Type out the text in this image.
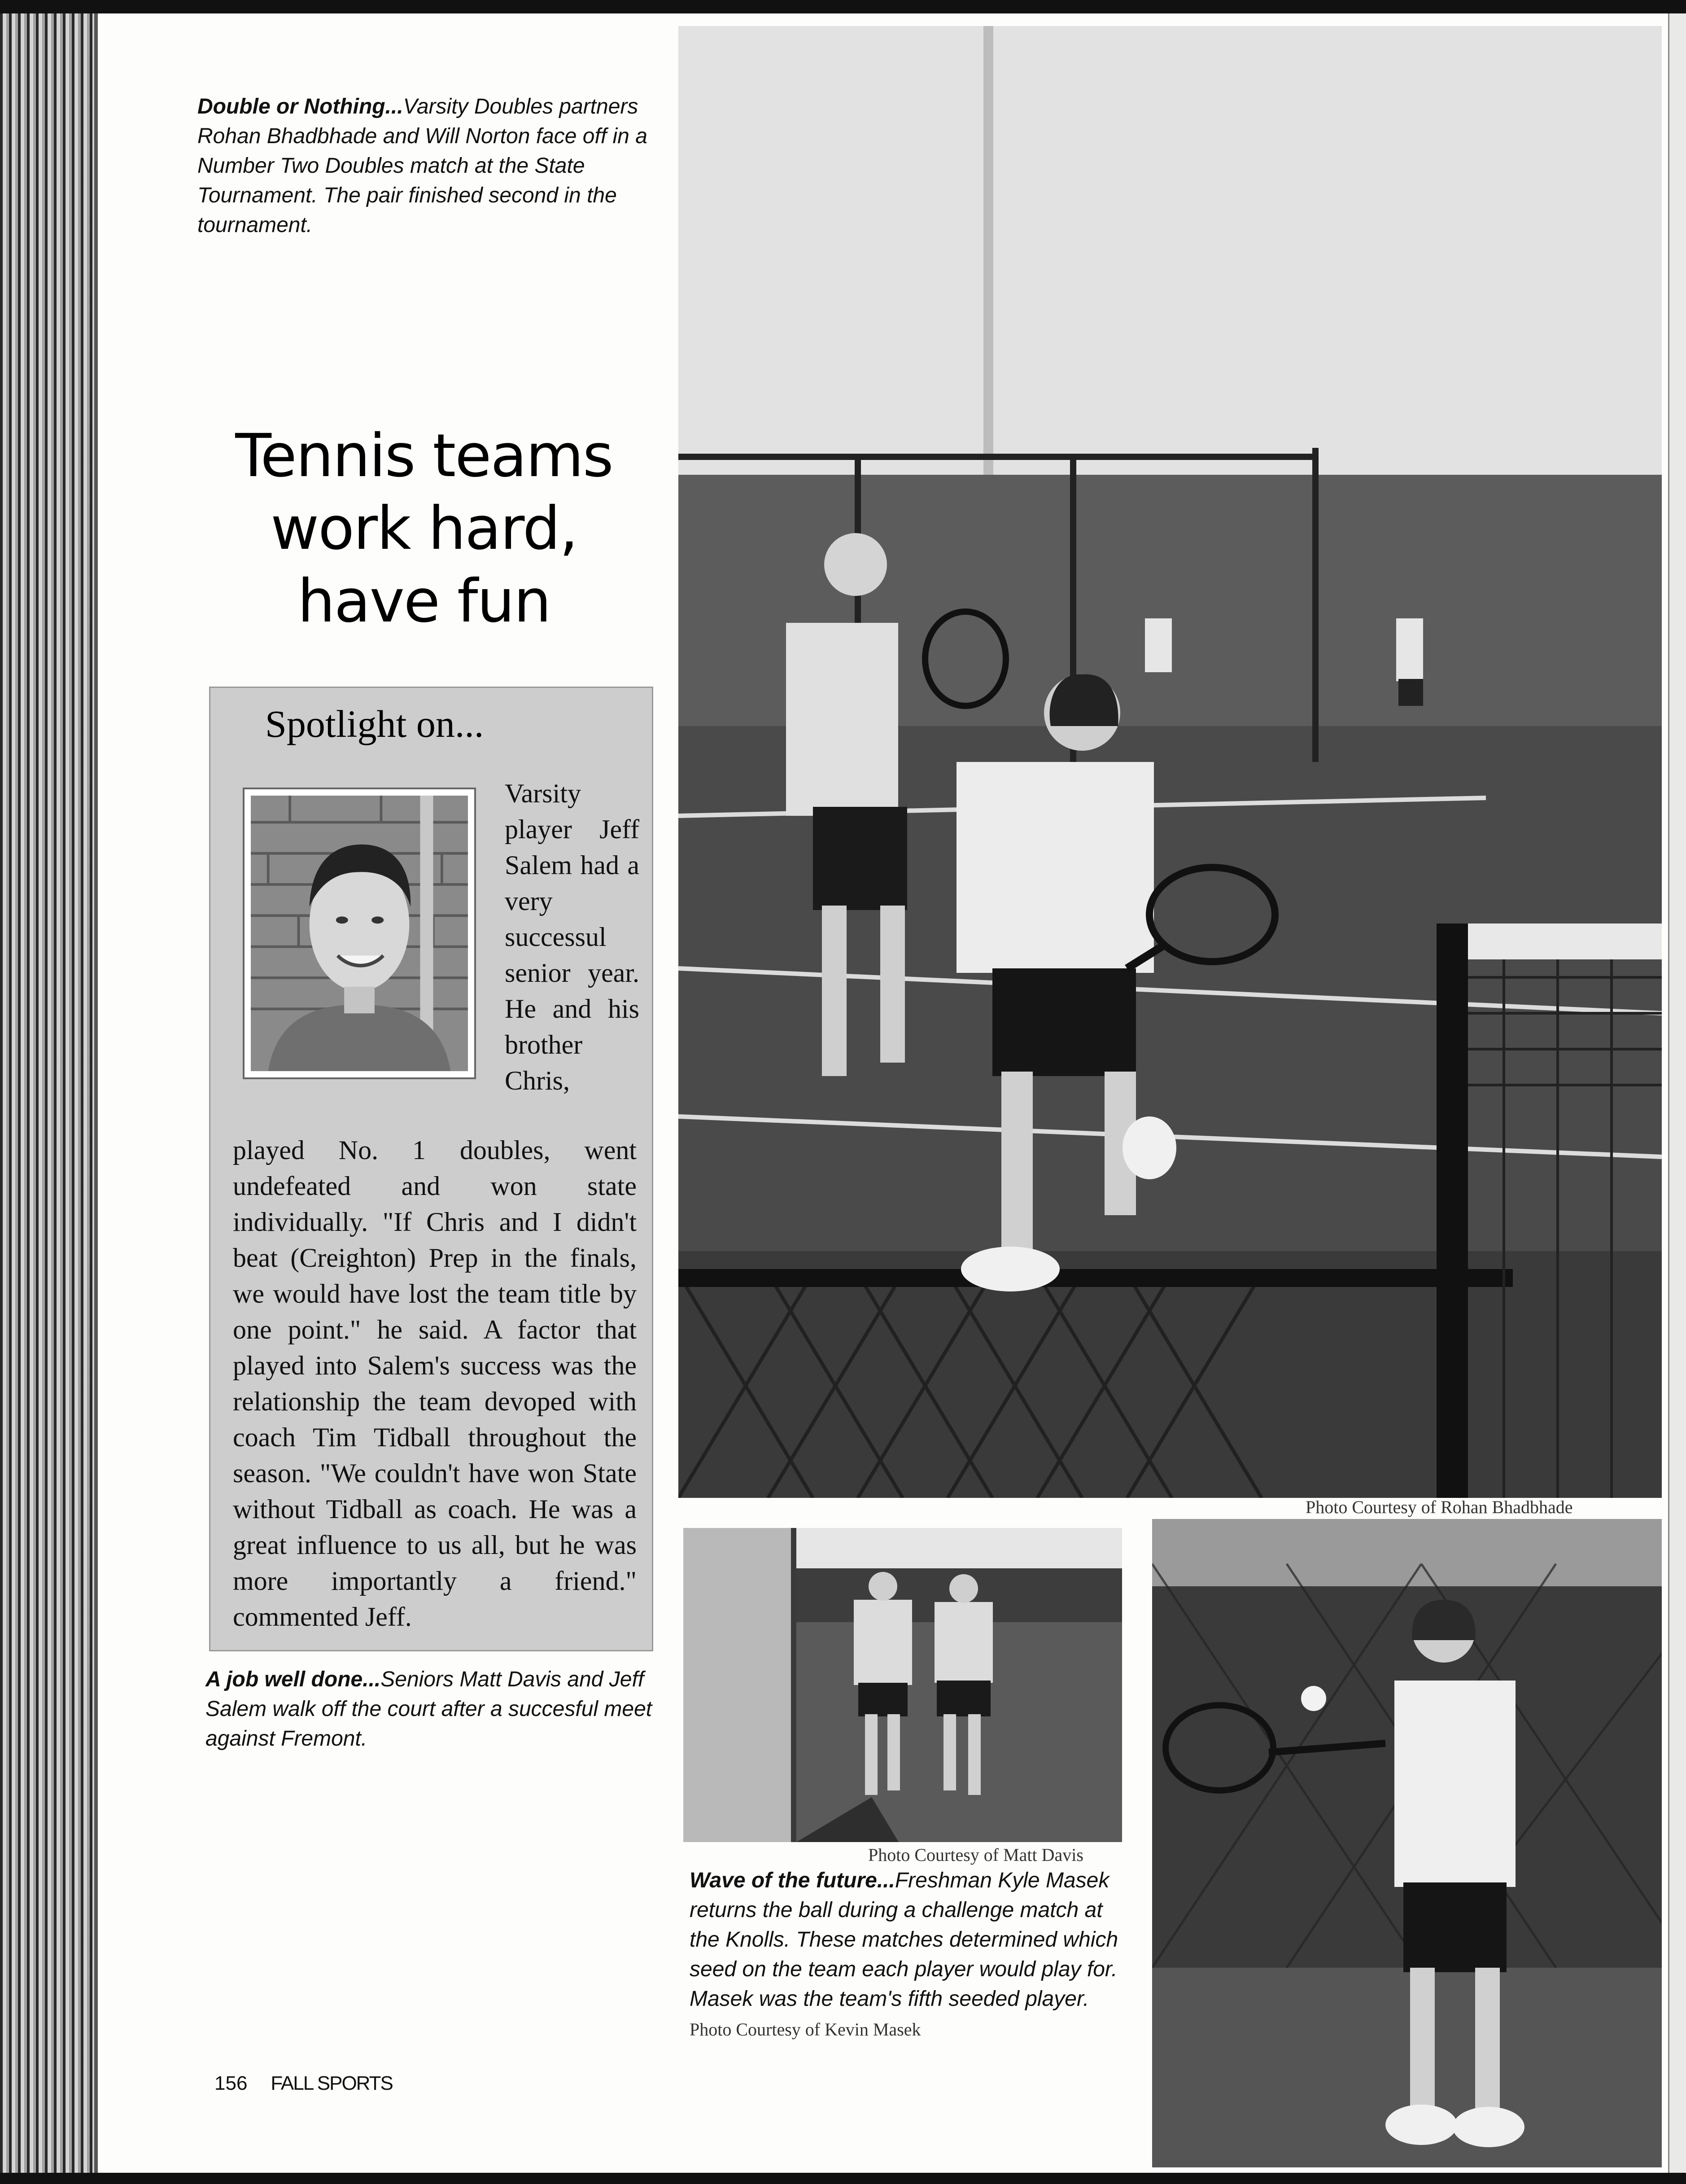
Double or Nothing...Varsity Doubles partners Rohan Bhadbhade and Will Norton face off in a Number Two Doubles match at the State Tournament. The pair finished second in the tournament.
Tennis teams
work hard,
have fun
Spotlight on...
Varsity player Jeff Salem had a very successul senior year. He and his brother Chris,
played No. 1 doubles, went undefeated and won state individually. "If Chris and I didn't beat (Creighton) Prep in the finals, we would have lost the team title by one point." he said. A factor that played into Salem's success was the relationship the team devoped with coach Tim Tidball throughout the season. "We couldn't have won State without Tidball as coach. He was a great influence to us all, but he was more importantly a friend." commented Jeff.
A job well done...Seniors Matt Davis and Jeff Salem walk off the court after a succesful meet against Fremont.
Photo Courtesy of Rohan Bhadbhade
Photo Courtesy of Matt Davis
Wave of the future...Freshman Kyle Masek returns the ball during a challenge match at the Knolls. These matches determined which seed on the team each player would play for. Masek was the team's fifth seeded player. Photo Courtesy of Kevin Masek
156 FALL SPORTS
